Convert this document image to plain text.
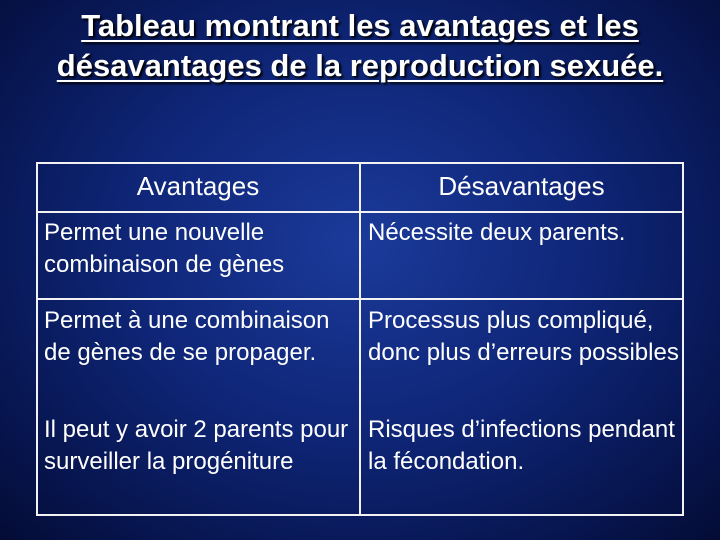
Tableau montrant les avantages et les désavantages de la reproduction sexuée.
Avantages	Désavantages
Permet une nouvelle combinaison de gènes
Nécessite deux parents.
Permet à une combinaison de gènes de se propager.
Il peut y avoir 2 parents pour surveiller la progéniture
Processus plus compliqué, donc plus d’erreurs possibles
Risques d’infections pendant la fécondation.
